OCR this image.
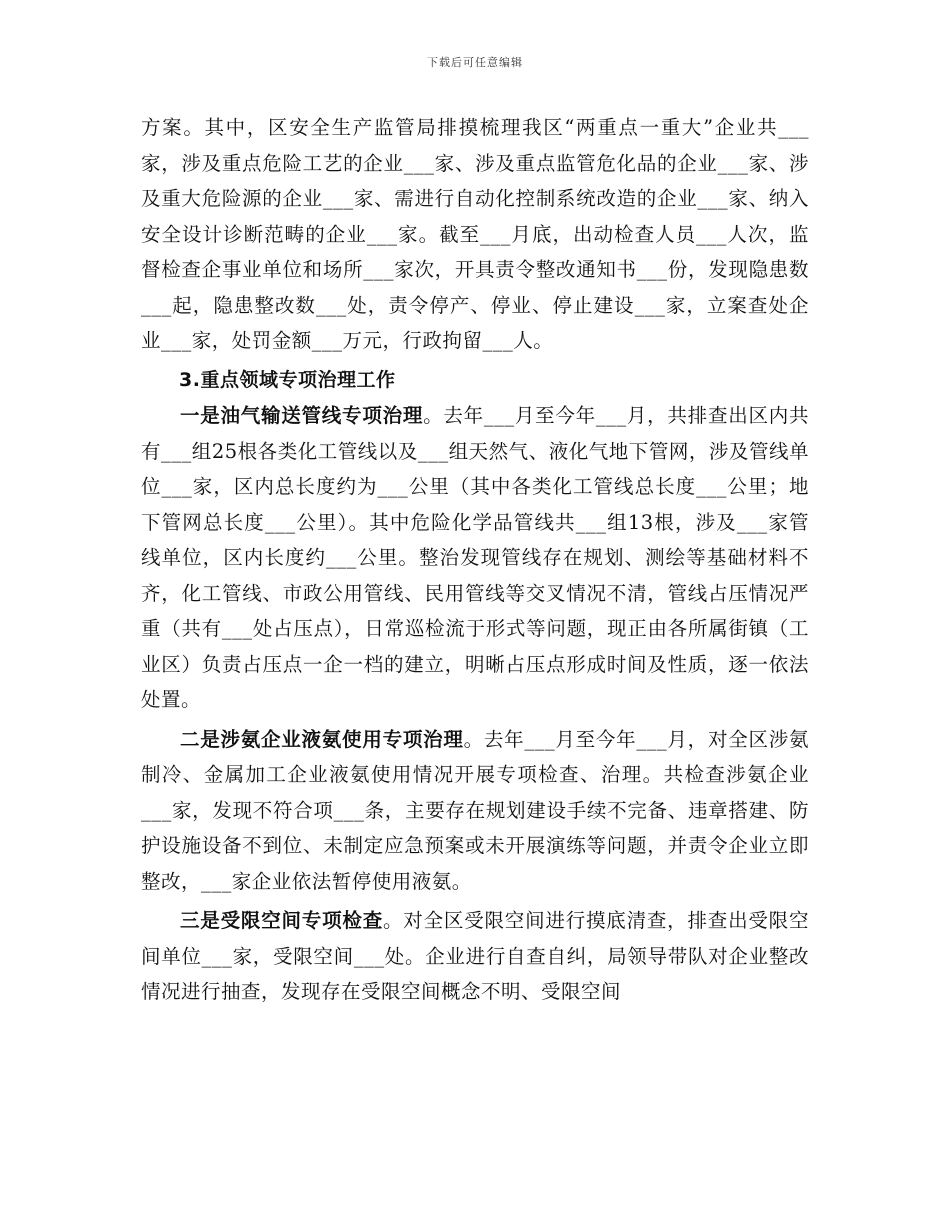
下载后可任意编辑

方案。其中，区安全生产监管局排摸梳理我区“两重点一重大”企业共___家，涉及重点危险工艺的企业___家、涉及重点监管危化品的企业___家、涉及重大危险源的企业___家、需进行自动化控制系统改造的企业___家、纳入安全设计诊断范畴的企业___家。截至___月底，出动检查人员___人次，监督检查企事业单位和场所___家次，开具责令整改通知书___份，发现隐患数___起，隐患整改数___处，责令停产、停业、停止建设___家，立案查处企业___家，处罚金额___万元，行政拘留___人。

3.重点领域专项治理工作

一是油气输送管线专项治理。去年___月至今年___月，共排查出区内共有___组25根各类化工管线以及___组天然气、液化气地下管网，涉及管线单位___家，区内总长度约为___公里（其中各类化工管线总长度___公里；地下管网总长度___公里）。其中危险化学品管线共___组13根，涉及___家管线单位，区内长度约___公里。整治发现管线存在规划、测绘等基础材料不齐，化工管线、市政公用管线、民用管线等交叉情况不清，管线占压情况严重（共有___处占压点），日常巡检流于形式等问题，现正由各所属街镇（工业区）负责占压点一企一档的建立，明晰占压点形成时间及性质，逐一依法处置。

二是涉氨企业液氨使用专项治理。去年___月至今年___月，对全区涉氨制冷、金属加工企业液氨使用情况开展专项检查、治理。共检查涉氨企业___家，发现不符合项___条，主要存在规划建设手续不完备、违章搭建、防护设施设备不到位、未制定应急预案或未开展演练等问题，并责令企业立即整改，___家企业依法暂停使用液氨。

三是受限空间专项检查。对全区受限空间进行摸底清查，排查出受限空间单位___家，受限空间___处。企业进行自查自纠，局领导带队对企业整改情况进行抽查，发现存在受限空间概念不明、受限空间
